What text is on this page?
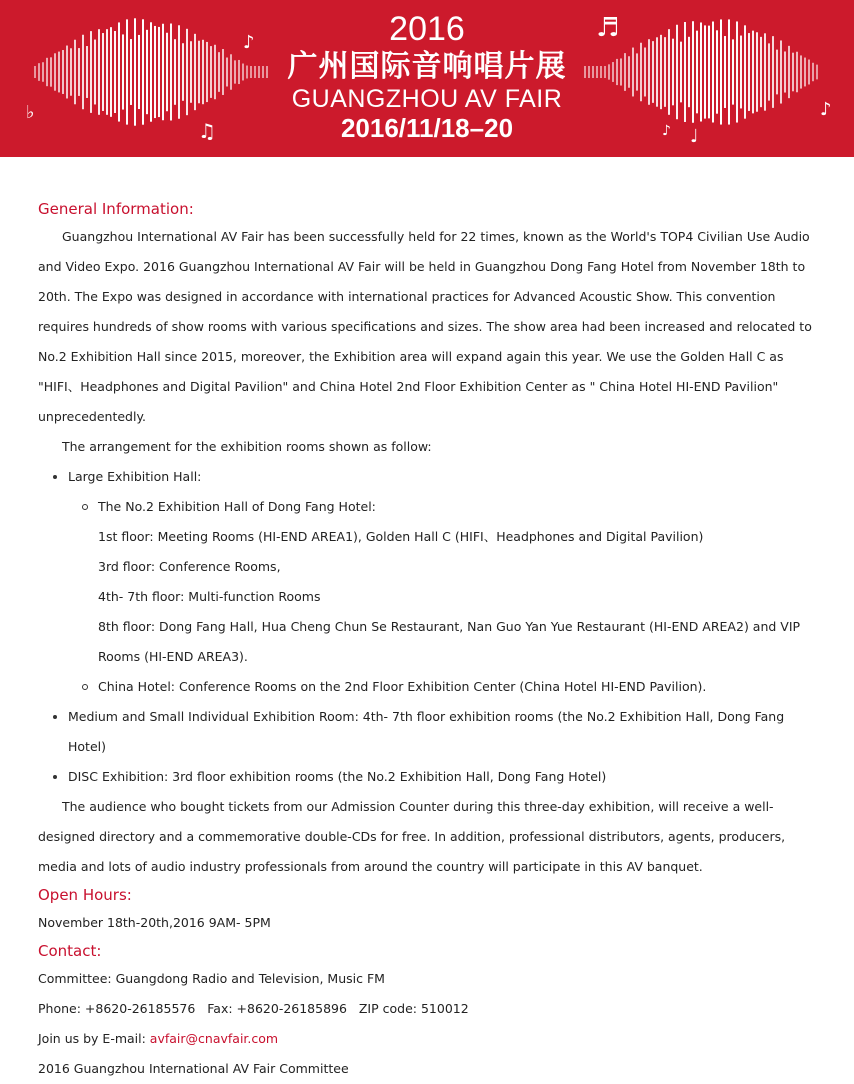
♪	♬
♭
♫
♪
♩
♪
2016
广州国际音响唱片展
GUANGZHOU AV FAIR
2016/11/18–20
General Information:

Guangzhou International AV Fair has been successfully held for 22 times, known as the World's TOP4 Civilian Use Audio and Video Expo. 2016 Guangzhou International AV Fair will be held in Guangzhou Dong Fang Hotel from November 18th to 20th. The Expo was designed in accordance with international practices for Advanced Acoustic Show. This convention requires hundreds of show rooms with various specifications and sizes. The show area had been increased and relocated to No.2 Exhibition Hall since 2015, moreover, the Exhibition area will expand again this year. We use the Golden Hall C as "HIFI、Headphones and Digital Pavilion" and China Hotel 2nd Floor Exhibition Center as " China Hotel HI-END Pavilion" unprecedentedly.

The arrangement for the exhibition rooms shown as follow:
Large Exhibition Hall:
The No.2 Exhibition Hall of Dong Fang Hotel:
1st floor: Meeting Rooms (HI-END AREA1), Golden Hall C (HIFI、Headphones and Digital Pavilion)
3rd floor: Conference Rooms,
4th- 7th floor: Multi-function Rooms
8th floor: Dong Fang Hall, Hua Cheng Chun Se Restaurant, Nan Guo Yan Yue Restaurant (HI-END AREA2) and VIP Rooms (HI-END AREA3).
China Hotel: Conference Rooms on the 2nd Floor Exhibition Center (China Hotel HI-END Pavilion).
Medium and Small Individual Exhibition Room: 4th- 7th floor exhibition rooms (the No.2 Exhibition Hall, Dong Fang Hotel)
DISC Exhibition: 3rd floor exhibition rooms (the No.2 Exhibition Hall, Dong Fang Hotel)

The audience who bought tickets from our Admission Counter during this three-day exhibition, will receive a well-designed directory and a commemorative double-CDs for free. In addition, professional distributors, agents, producers, media and lots of audio industry professionals from around the country will participate in this AV banquet.

Open Hours:
November 18th-20th,2016 9AM- 5PM
Contact:
Committee: Guangdong Radio and Television, Music FM
Phone: +8620-26185576   Fax: +8620-26185896   ZIP code: 510012
Join us by E-mail: avfair@cnavfair.com
2016 Guangzhou International AV Fair Committee
